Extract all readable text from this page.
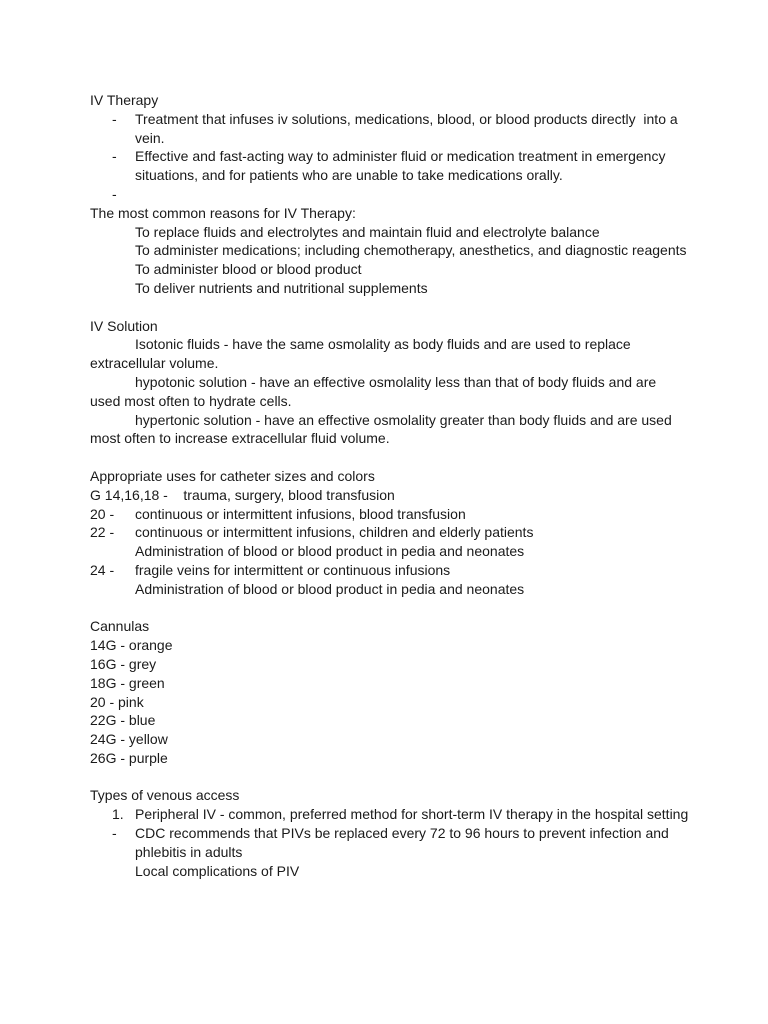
IV Therapy

- Treatment that infuses iv solutions, medications, blood, or blood products directly  into a vein.

- Effective and fast-acting way to administer fluid or medication treatment in emergency situations, and for patients who are unable to take medications orally.

-

The most common reasons for IV Therapy:

To replace fluids and electrolytes and maintain fluid and electrolyte balance

To administer medications; including chemotherapy, anesthetics, and diagnostic reagents

To administer blood or blood product

To deliver nutrients and nutritional supplements

IV Solution

Isotonic fluids - have the same osmolality as body fluids and are used to replace extracellular volume.

hypotonic solution - have an effective osmolality less than that of body fluids and are used most often to hydrate cells.

hypertonic solution - have an effective osmolality greater than body fluids and are used most often to increase extracellular fluid volume.

Appropriate uses for catheter sizes and colors

G 14,16,18 -    trauma, surgery, blood transfusion

20 - continuous or intermittent infusions, blood transfusion

22 - continuous or intermittent infusions, children and elderly patients

Administration of blood or blood product in pedia and neonates

24 - fragile veins for intermittent or continuous infusions

Administration of blood or blood product in pedia and neonates

Cannulas

14G - orange

16G - grey

18G - green

20 - pink

22G - blue

24G - yellow

26G - purple

Types of venous access

1. Peripheral IV - common, preferred method for short-term IV therapy in the hospital setting

- CDC recommends that PIVs be replaced every 72 to 96 hours to prevent infection and phlebitis in adults

Local complications of PIV
